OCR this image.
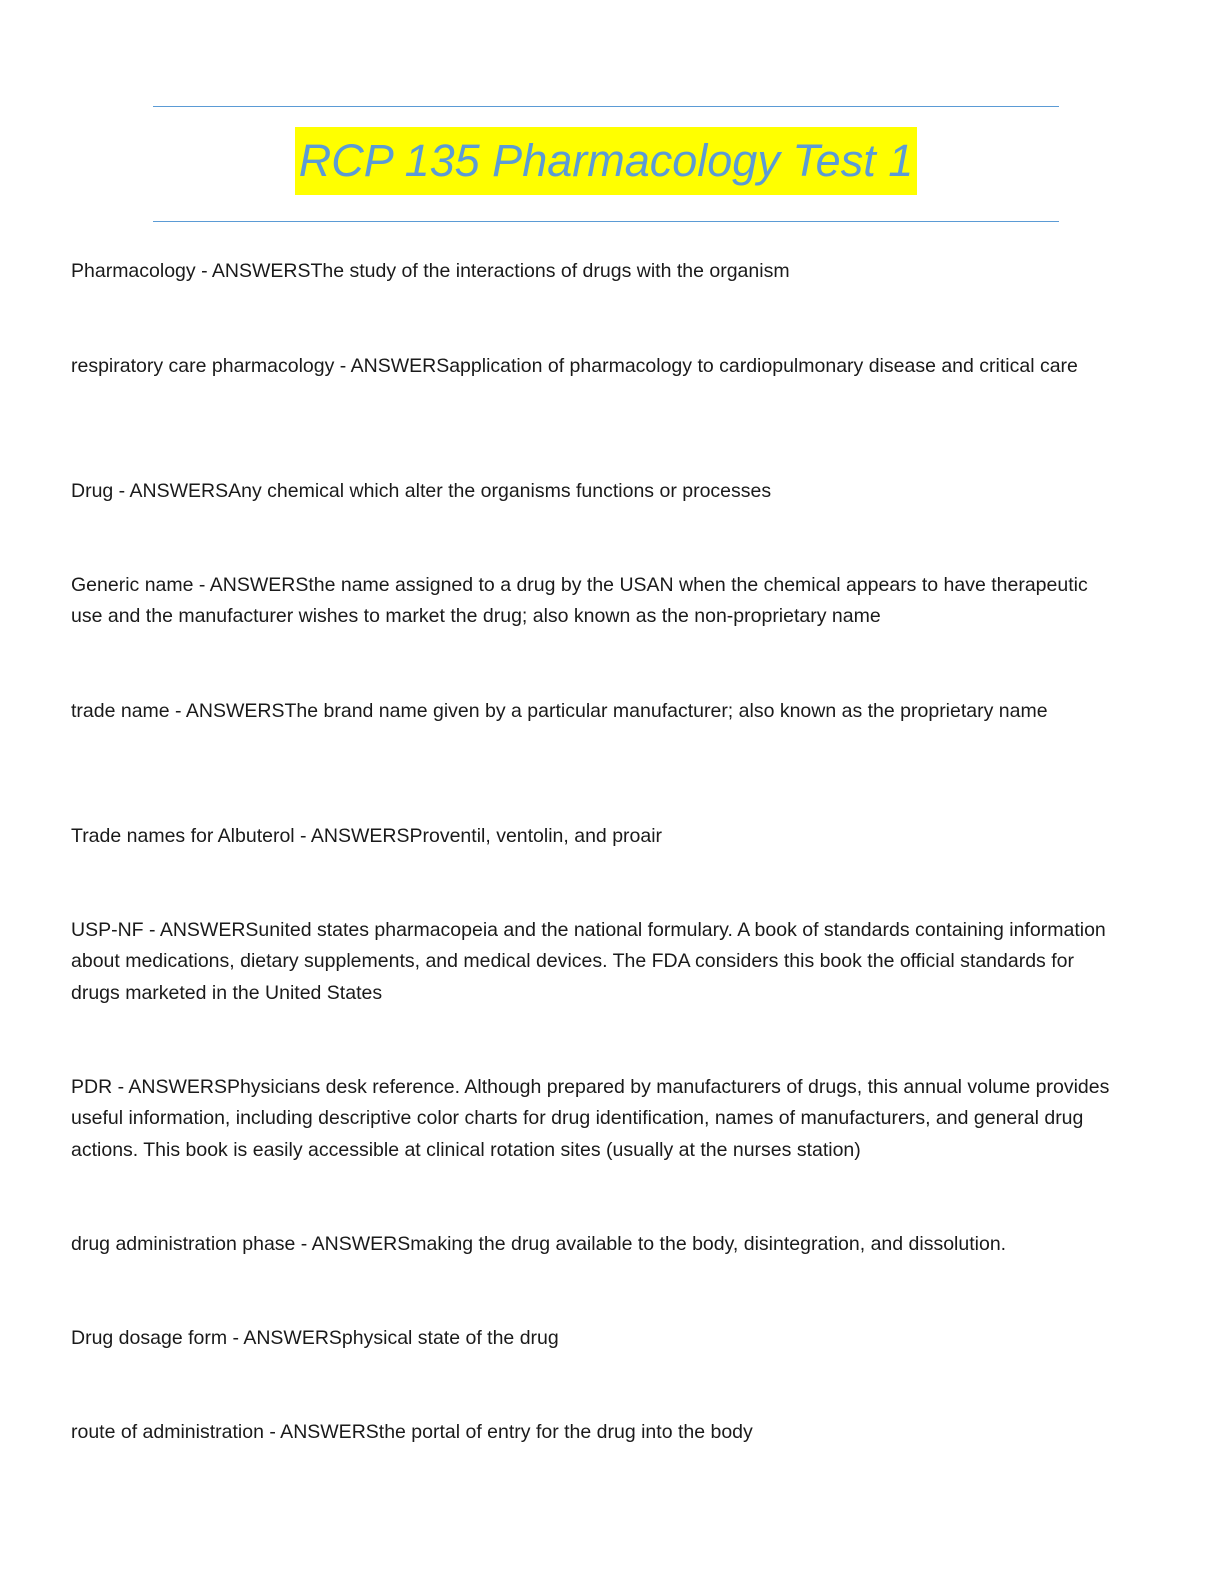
RCP 135 Pharmacology Test 1
Pharmacology - ANSWERSThe study of the interactions of drugs with the organism
respiratory care pharmacology - ANSWERSapplication of pharmacology to cardiopulmonary disease and critical care
Drug - ANSWERSAny chemical which alter the organisms functions or processes
Generic name - ANSWERSthe name assigned to a drug by the USAN when the chemical appears to have therapeutic use and the manufacturer wishes to market the drug; also known as the non-proprietary name
trade name - ANSWERSThe brand name given by a particular manufacturer; also known as the proprietary name
Trade names for Albuterol - ANSWERSProventil, ventolin, and proair
USP-NF - ANSWERSunited states pharmacopeia and the national formulary. A book of standards containing information about medications, dietary supplements, and medical devices. The FDA considers this book the official standards for drugs marketed in the United States
PDR - ANSWERSPhysicians desk reference. Although prepared by manufacturers of drugs, this annual volume provides useful information, including descriptive color charts for drug identification, names of manufacturers, and general drug actions. This book is easily accessible at clinical rotation sites (usually at the nurses station)
drug administration phase - ANSWERSmaking the drug available to the body, disintegration, and dissolution.
Drug dosage form - ANSWERSphysical state of the drug
route of administration - ANSWERSthe portal of entry for the drug into the body
